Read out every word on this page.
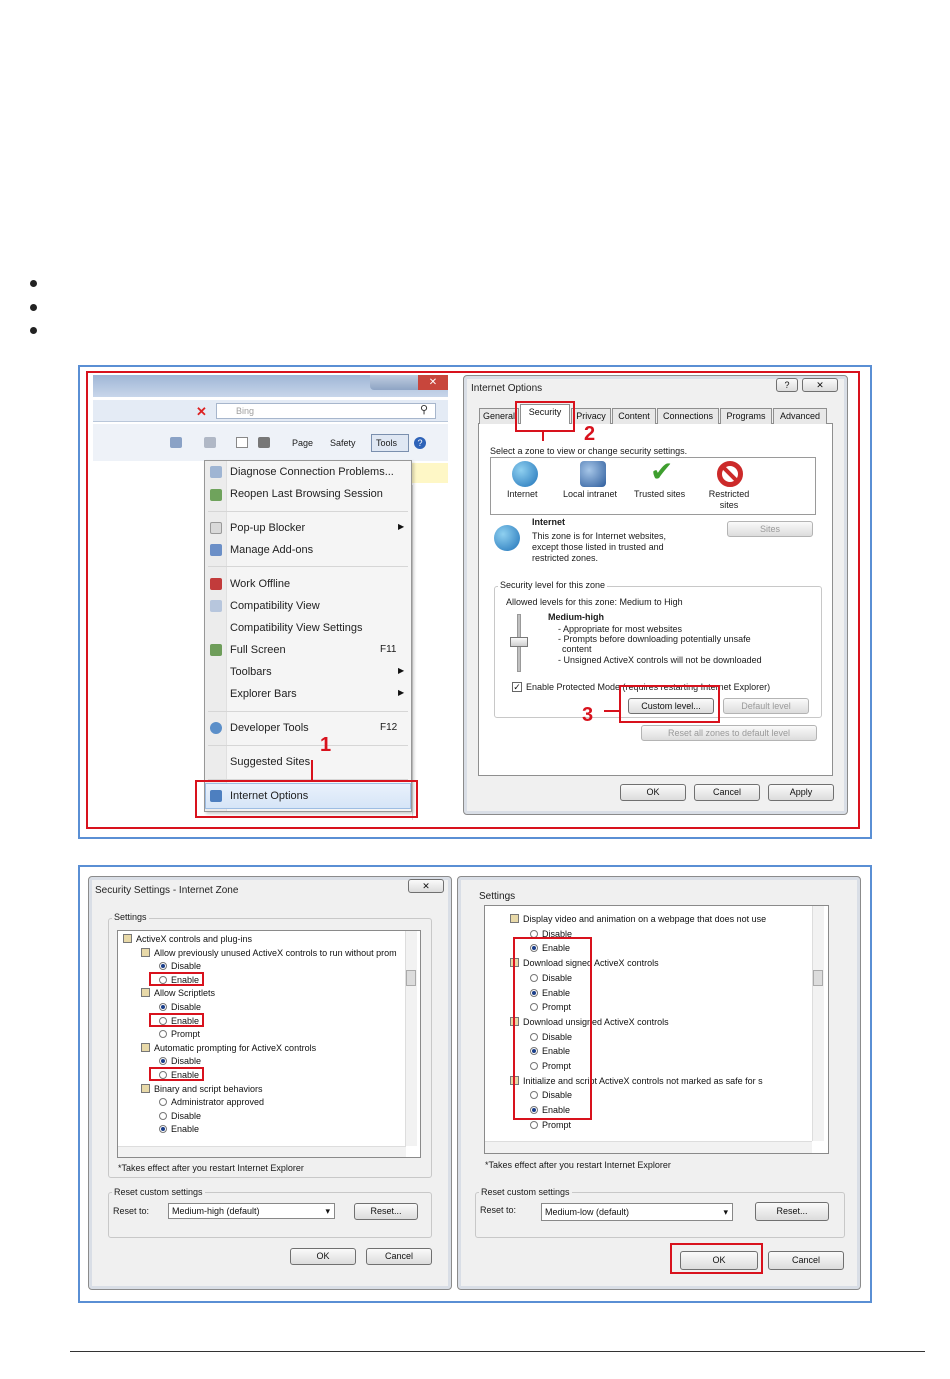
✕
✕	Bing	⚲
Page Safety Tools	?
Diagnose Connection Problems...
Reopen Last Browsing Session
Pop-up Blocker	▶
Manage Add-ons
Work Offline
Compatibility View
Compatibility View Settings
Full Screen	F11
Toolbars	▶
Explorer Bars	▶
Developer Tools	F12
Suggested Sites
Internet Options
1
Internet Options	?	✕
General	Security	Privacy	Content	Connections	Programs	Advanced
2
Select a zone to view or change security settings.
Internet	Local intranet
✔
Trusted sites	Restricted sites
Internet
This zone is for Internet websites,
except those listed in trusted and
restricted zones.
Sites
Security level for this zone
Allowed levels for this zone: Medium to High
Medium-high
- Appropriate for most websites
- Prompts before downloading potentially unsafe
content
- Unsigned ActiveX controls will not be downloaded
✓ Enable Protected Mode (requires restarting Internet Explorer)
Custom level...	Default level
3
Reset all zones to default level
OK	Cancel	Apply
Security Settings - Internet Zone	✕
Settings
ActiveX controls and plug-ins
Allow previously unused ActiveX controls to run without prom
Disable
Enable
Allow Scriptlets
Disable
Enable
Prompt
Automatic prompting for ActiveX controls
Disable
Enable
Binary and script behaviors
Administrator approved
Disable
Enable
*Takes effect after you restart Internet Explorer
Reset custom settings
Reset to:	Medium-high (default) ▾	Reset...
OK	Cancel
Settings
Display video and animation on a webpage that does not use
Disable
Enable
Download signed ActiveX controls
Disable
Enable
Prompt
Download unsigned ActiveX controls
Disable
Enable
Prompt
Initialize and script ActiveX controls not marked as safe for s
Disable
Enable
Prompt
*Takes effect after you restart Internet Explorer
Reset custom settings
Reset to:	Medium-low (default) ▾	Reset...
OK	Cancel
